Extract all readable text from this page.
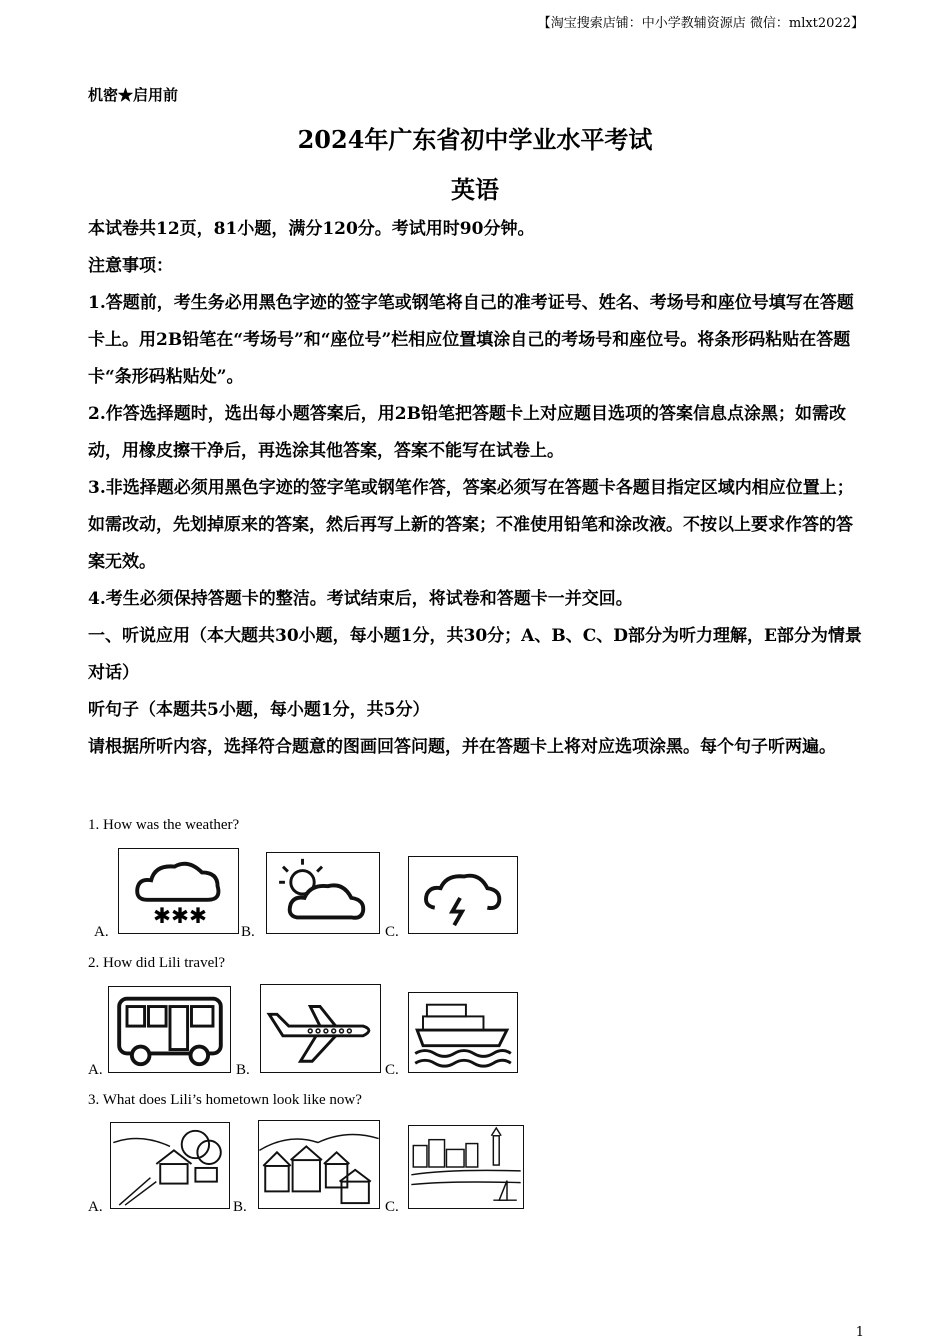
【淘宝搜索店铺：中小学教辅资源店 微信：mlxt2022】
机密★启用前
2024年广东省初中学业水平考试
英语
本试卷共12页，81小题，满分120分。考试用时90分钟。
注意事项：
1.答题前，考生务必用黑色字迹的签字笔或钢笔将自己的准考证号、姓名、考场号和座位号填写在答题卡上。用2B铅笔在“考场号”和“座位号”栏相应位置填涂自己的考场号和座位号。将条形码粘贴在答题卡“条形码粘贴处”。
2.作答选择题时，选出每小题答案后，用2B铅笔把答题卡上对应题目选项的答案信息点涂黑；如需改动，用橡皮擦干净后，再选涂其他答案，答案不能写在试卷上。
3.非选择题必须用黑色字迹的签字笔或钢笔作答，答案必须写在答题卡各题目指定区域内相应位置上；如需改动，先划掉原来的答案，然后再写上新的答案；不准使用铅笔和涂改液。不按以上要求作答的答案无效。
4.考生必须保持答题卡的整洁。考试结束后，将试卷和答题卡一并交回。
一、听说应用（本大题共30小题，每小题1分，共30分；A、B、C、D部分为听力理解，E部分为情景对话）
听句子（本题共5小题，每小题1分，共5分）
请根据所听内容，选择符合题意的图画回答问题，并在答题卡上将对应选项涂黑。每个句子听两遍。
1. How was the weather?
A.
✱✱✱
B.	C.
2. How did Lili travel?
A.	B.	C.
3. What does Lili’s hometown look like now?
A.	B.	C.
1
